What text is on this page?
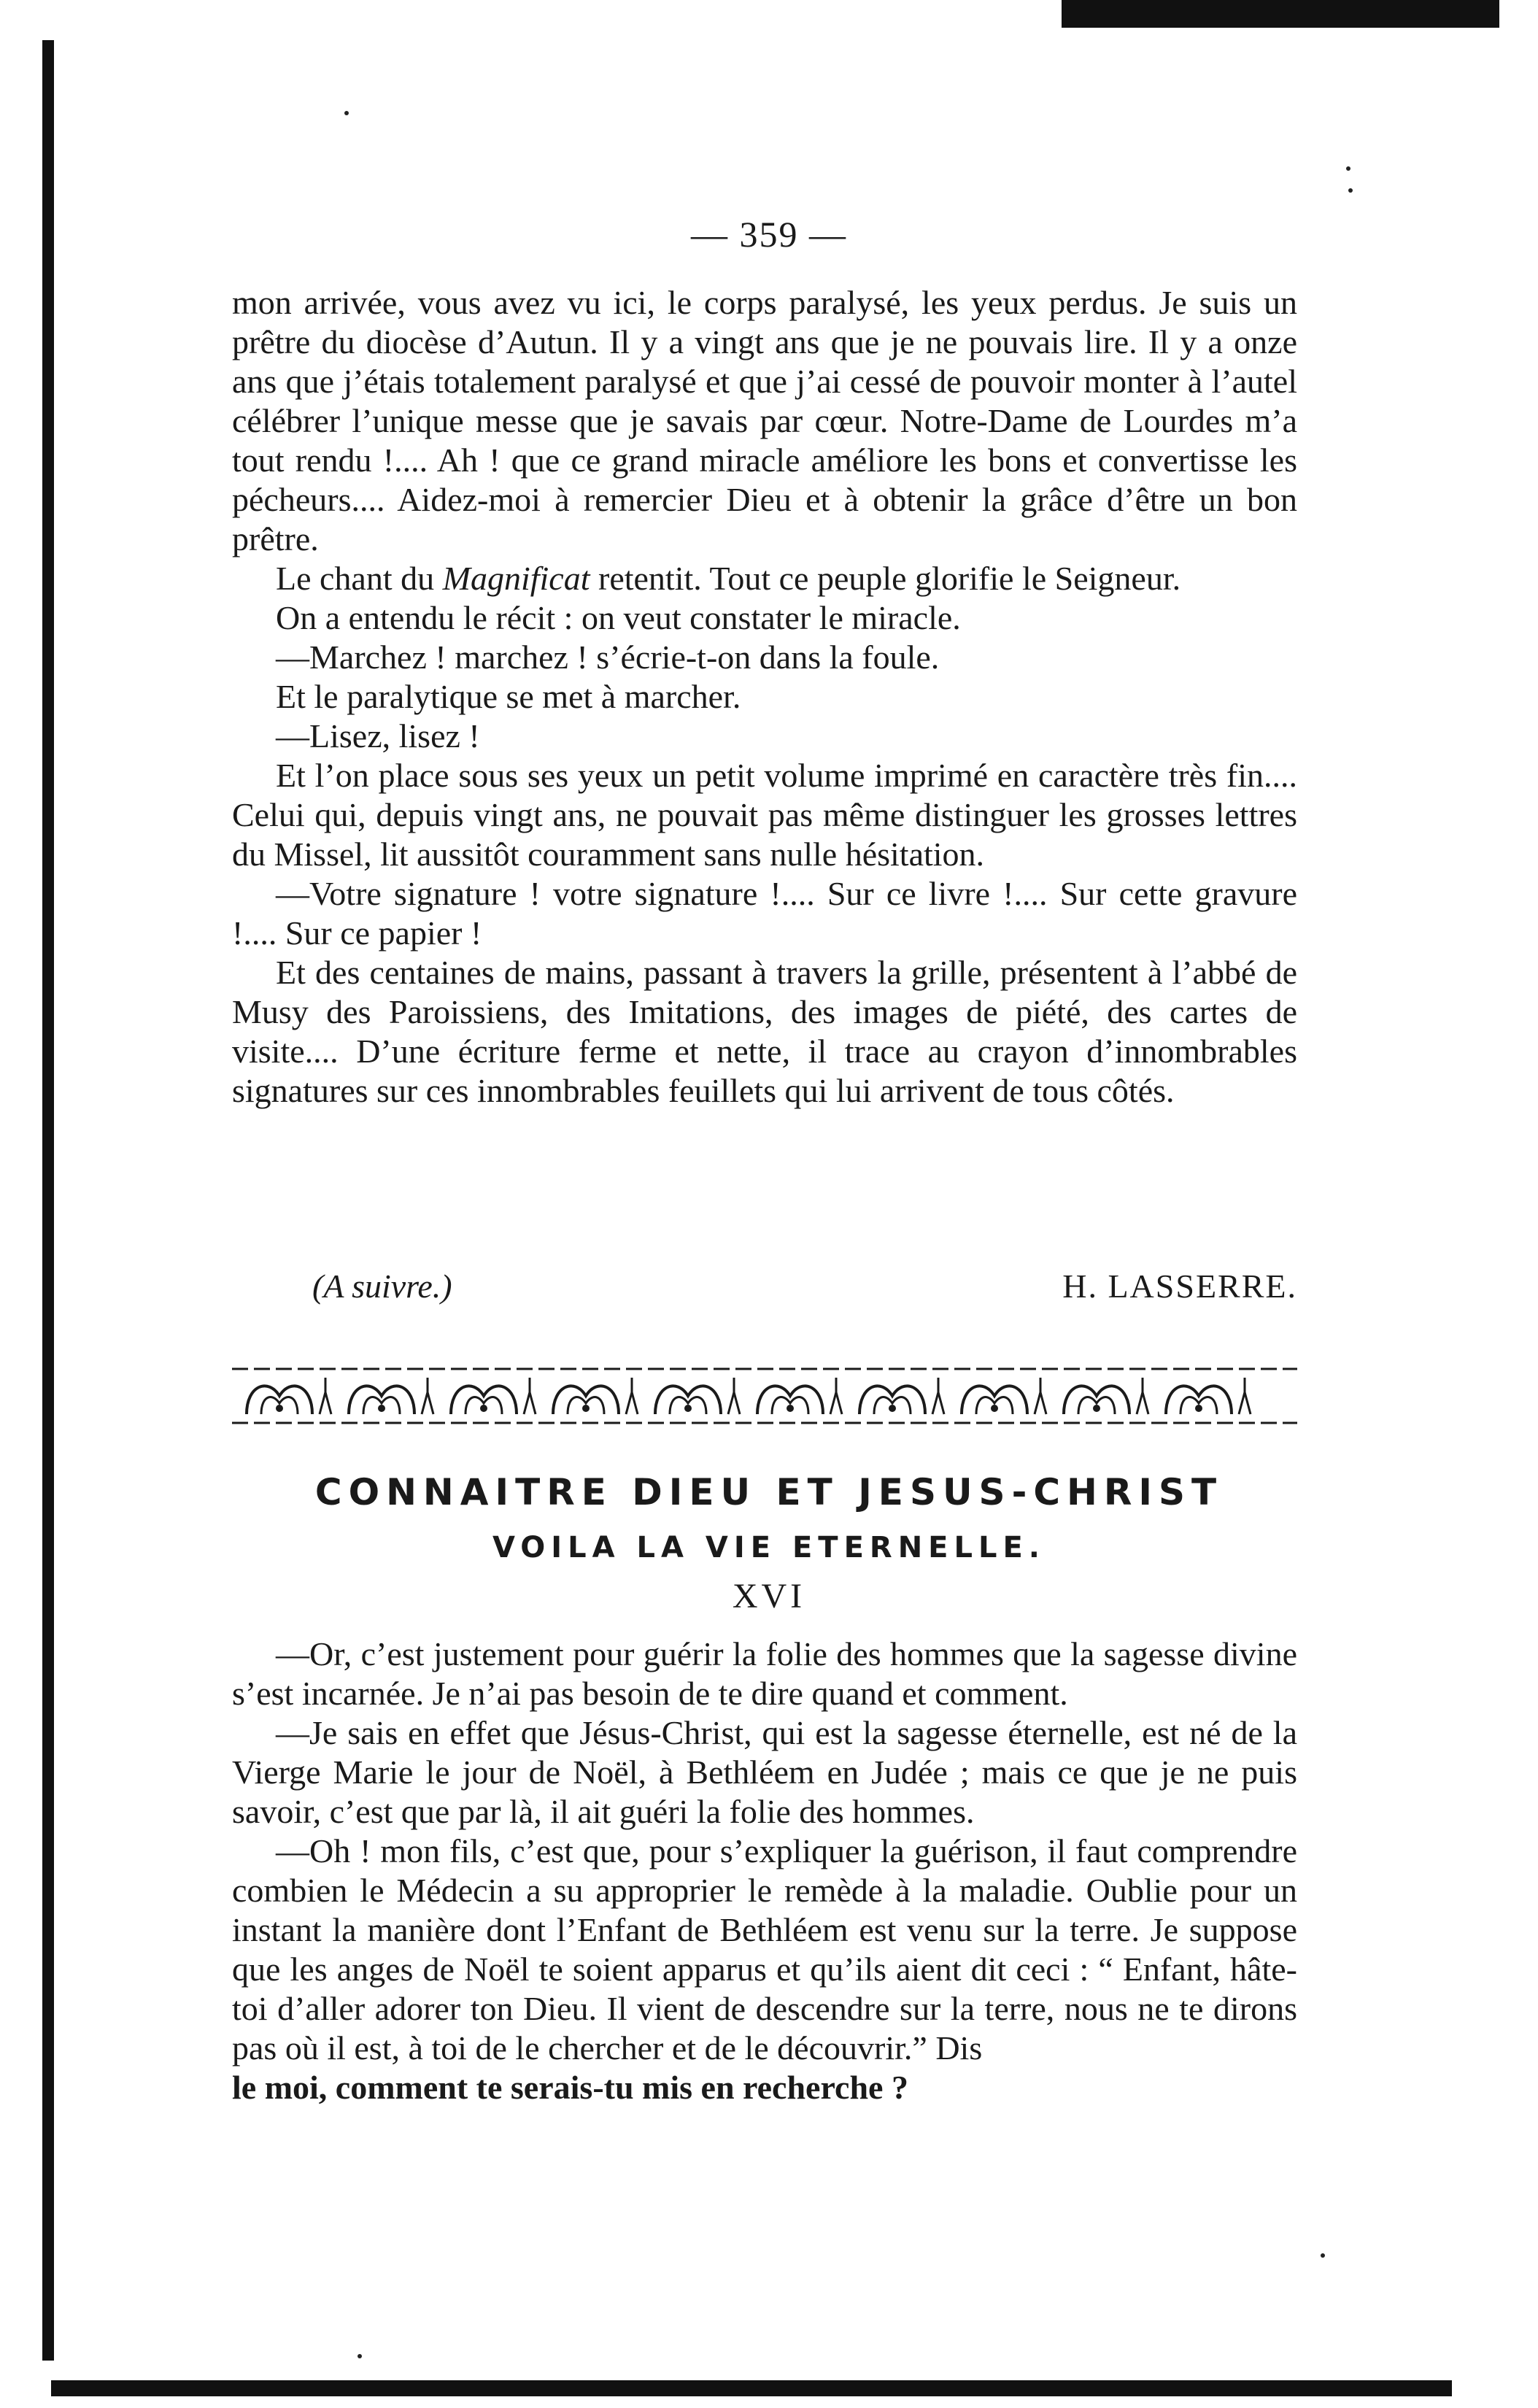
— 359 —

mon arrivée, vous avez vu ici, le corps paralysé, les yeux perdus. Je suis un prêtre du diocèse d’Autun. Il y a vingt ans que je ne pouvais lire. Il y a onze ans que j’étais totalement paralysé et que j’ai cessé de pouvoir monter à l’autel célébrer l’unique messe que je savais par cœur. Notre-Dame de Lourdes m’a tout rendu !.... Ah ! que ce grand miracle améliore les bons et convertisse les pécheurs.... Aidez-moi à remercier Dieu et à obtenir la grâce d’être un bon prêtre.

Le chant du Magnificat retentit. Tout ce peuple glorifie le Seigneur.

On a entendu le récit : on veut constater le miracle.

—Marchez ! marchez ! s’écrie-t-on dans la foule.

Et le paralytique se met à marcher.

—Lisez, lisez !

Et l’on place sous ses yeux un petit volume imprimé en caractère très fin.... Celui qui, depuis vingt ans, ne pouvait pas même distinguer les grosses lettres du Missel, lit aussitôt couramment sans nulle hésitation.

—Votre signature ! votre signature !.... Sur ce livre !.... Sur cette gravure !.... Sur ce papier !

Et des centaines de mains, passant à travers la grille, présentent à l’abbé de Musy des Paroissiens, des Imitations, des images de piété, des cartes de visite.... D’une écriture ferme et nette, il trace au crayon d’innombrables signatures sur ces innombrables feuillets qui lui arrivent de tous côtés.

(A suivre.)	H. LASSERRE.
CONNAITRE DIEU ET JESUS-CHRIST
VOILA LA VIE ETERNELLE.
XVI

—Or, c’est justement pour guérir la folie des hommes que la sagesse divine s’est incarnée. Je n’ai pas besoin de te dire quand et comment.

—Je sais en effet que Jésus-Christ, qui est la sagesse éternelle, est né de la Vierge Marie le jour de Noël, à Bethléem en Judée ; mais ce que je ne puis savoir, c’est que par là, il ait guéri la folie des hommes.

—Oh ! mon fils, c’est que, pour s’expliquer la guérison, il faut comprendre combien le Médecin a su approprier le remède à la maladie. Oublie pour un instant la manière dont l’Enfant de Bethléem est venu sur la terre. Je suppose que les anges de Noël te soient apparus et qu’ils aient dit ceci : “ Enfant, hâte-toi d’aller adorer ton Dieu. Il vient de descendre sur la terre, nous ne te dirons pas où il est, à toi de le chercher et de le découvrir.” Dis

le moi, comment te serais-tu mis en recherche ?
